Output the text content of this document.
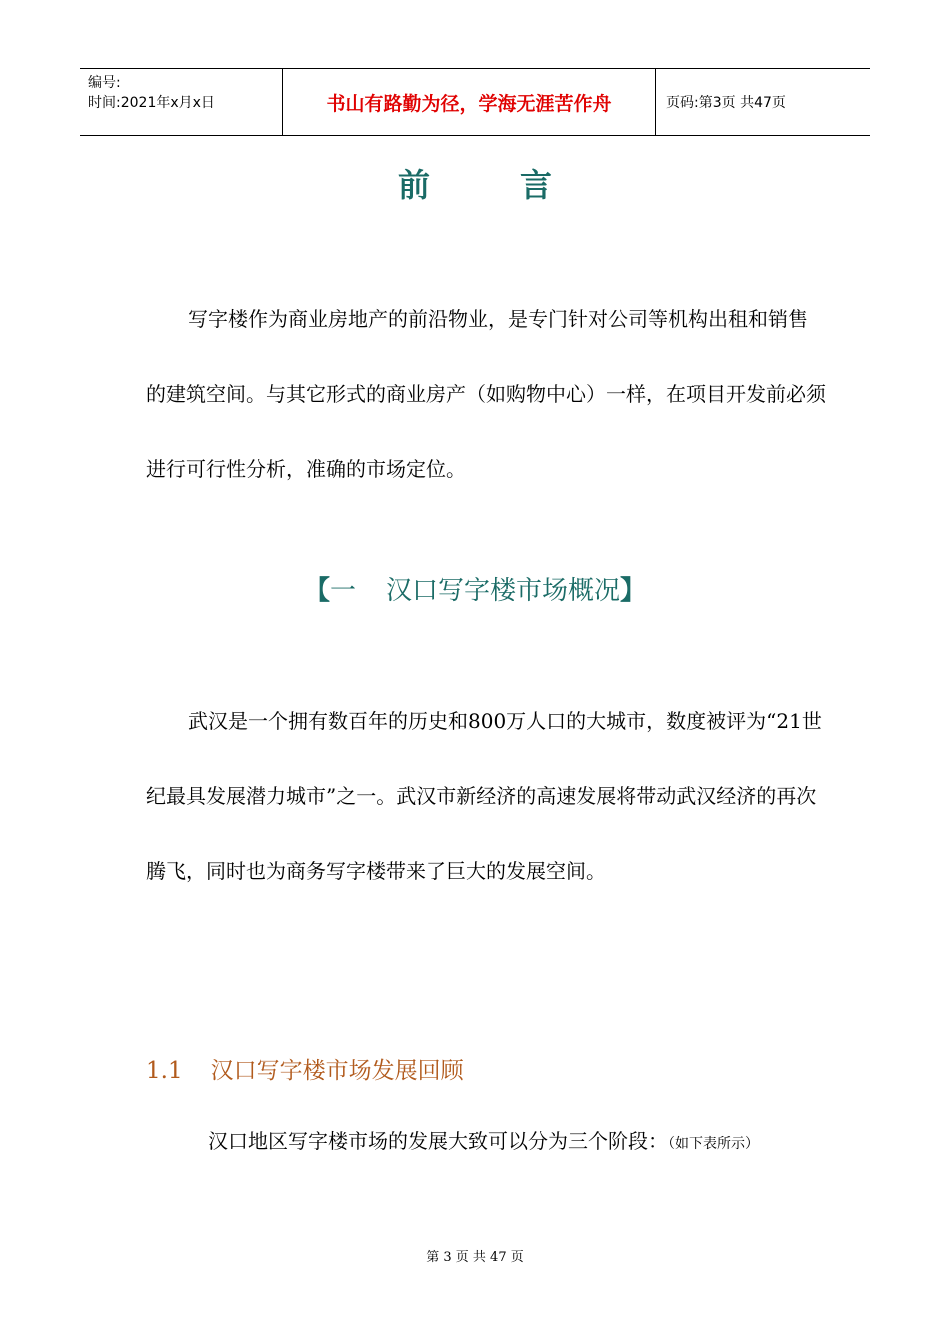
编号:
时间:2021年x月x日	书山有路勤为径，学海无涯苦作舟	页码:第3页 共47页
前	言

写字楼作为商业房地产的前沿物业，是专门针对公司等机构出租和销售的建筑空间。与其它形式的商业房产（如购物中心）一样，在项目开发前必须进行可行性分析，准确的市场定位。

【一 汉口写字楼市场概况】

武汉是一个拥有数百年的历史和800万人口的大城市，数度被评为“21世纪最具发展潜力城市”之一。武汉市新经济的高速发展将带动武汉经济的再次腾飞，同时也为商务写字楼带来了巨大的发展空间。

1.1 汉口写字楼市场发展回顾

汉口地区写字楼市场的发展大致可以分为三个阶段：（如下表所示）

第 3 页 共 47 页
